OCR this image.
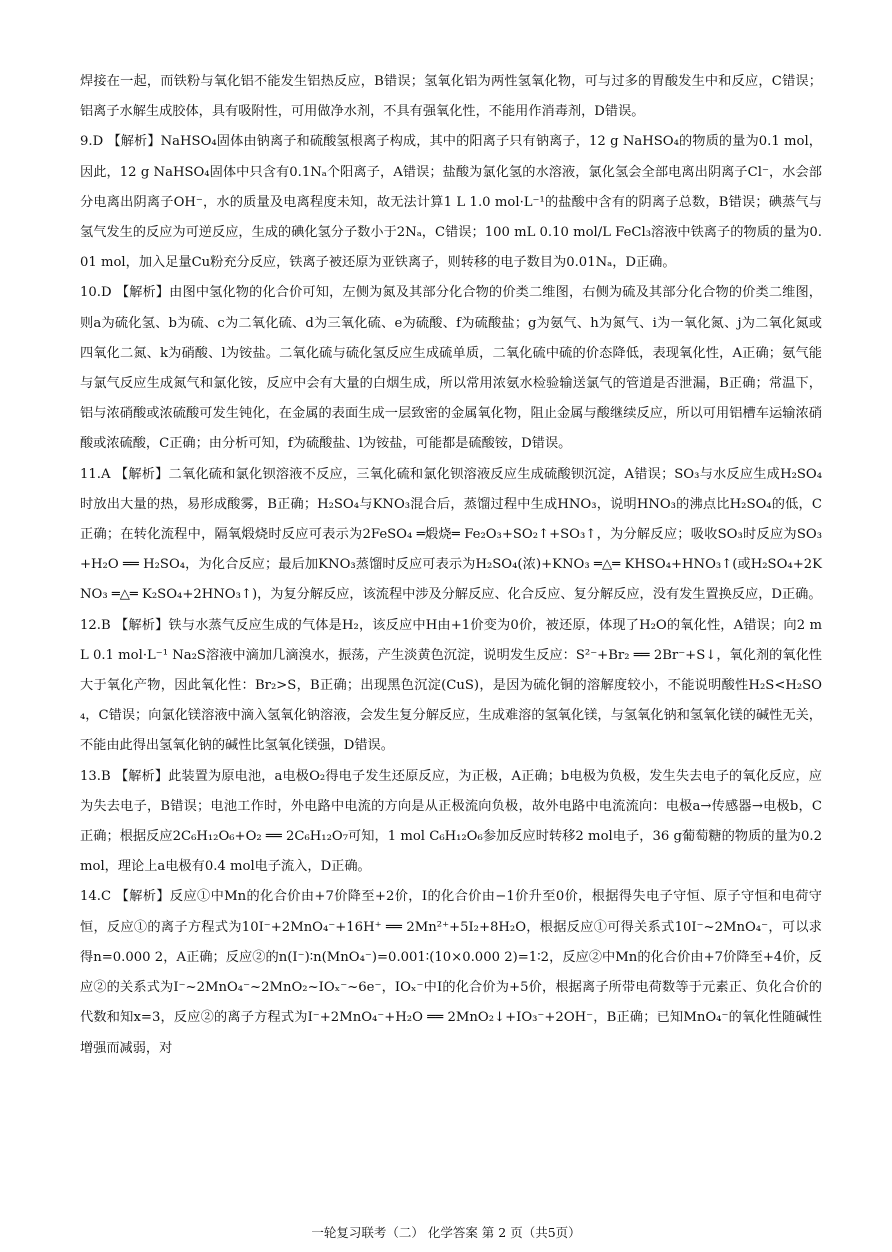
焊接在一起，而铁粉与氧化铝不能发生铝热反应，B错误；氢氧化铝为两性氢氧化物，可与过多的胃酸发生中和反应，C错误；铝离子水解生成胶体，具有吸附性，可用做净水剂，不具有强氧化性，不能用作消毒剂，D错误。

9.D 【解析】NaHSO₄固体由钠离子和硫酸氢根离子构成，其中的阳离子只有钠离子，12 g NaHSO₄的物质的量为0.1 mol，因此，12 g NaHSO₄固体中只含有0.1Nₐ个阳离子，A错误；盐酸为氯化氢的水溶液，氯化氢会全部电离出阴离子Cl⁻，水会部分电离出阴离子OH⁻，水的质量及电离程度未知，故无法计算1 L 1.0 mol·L⁻¹的盐酸中含有的阴离子总数，B错误；碘蒸气与氢气发生的反应为可逆反应，生成的碘化氢分子数小于2Nₐ，C错误；100 mL 0.10 mol/L FeCl₃溶液中铁离子的物质的量为0.01 mol，加入足量Cu粉充分反应，铁离子被还原为亚铁离子，则转移的电子数目为0.01Nₐ，D正确。

10.D 【解析】由图中氢化物的化合价可知，左侧为氮及其部分化合物的价类二维图，右侧为硫及其部分化合物的价类二维图，则a为硫化氢、b为硫、c为二氧化硫、d为三氧化硫、e为硫酸、f为硫酸盐；g为氨气、h为氮气、i为一氧化氮、j为二氧化氮或四氧化二氮、k为硝酸、l为铵盐。二氧化硫与硫化氢反应生成硫单质，二氧化硫中硫的价态降低，表现氧化性，A正确；氨气能与氯气反应生成氮气和氯化铵，反应中会有大量的白烟生成，所以常用浓氨水检验输送氯气的管道是否泄漏，B正确；常温下，铝与浓硝酸或浓硫酸可发生钝化，在金属的表面生成一层致密的金属氧化物，阻止金属与酸继续反应，所以可用铝槽车运输浓硝酸或浓硫酸，C正确；由分析可知，f为硫酸盐、l为铵盐，可能都是硫酸铵，D错误。

11.A 【解析】二氧化硫和氯化钡溶液不反应，三氧化硫和氯化钡溶液反应生成硫酸钡沉淀，A错误；SO₃与水反应生成H₂SO₄时放出大量的热，易形成酸雾，B正确；H₂SO₄与KNO₃混合后，蒸馏过程中生成HNO₃，说明HNO₃的沸点比H₂SO₄的低，C正确；在转化流程中，隔氧煅烧时反应可表示为2FeSO₄ ═煅烧═ Fe₂O₃+SO₂↑+SO₃↑，为分解反应；吸收SO₃时反应为SO₃+H₂O ══ H₂SO₄，为化合反应；最后加KNO₃蒸馏时反应可表示为H₂SO₄(浓)+KNO₃ ═△═ KHSO₄+HNO₃↑(或H₂SO₄+2KNO₃ ═△═ K₂SO₄+2HNO₃↑)，为复分解反应，该流程中涉及分解反应、化合反应、复分解反应，没有发生置换反应，D正确。

12.B 【解析】铁与水蒸气反应生成的气体是H₂，该反应中H由+1价变为0价，被还原，体现了H₂O的氧化性，A错误；向2 mL 0.1 mol·L⁻¹ Na₂S溶液中滴加几滴溴水，振荡，产生淡黄色沉淀，说明发生反应：S²⁻+Br₂ ══ 2Br⁻+S↓，氧化剂的氧化性大于氧化产物，因此氧化性：Br₂>S，B正确；出现黑色沉淀(CuS)，是因为硫化铜的溶解度较小，不能说明酸性H₂S<H₂SO₄，C错误；向氯化镁溶液中滴入氢氧化钠溶液，会发生复分解反应，生成难溶的氢氧化镁，与氢氧化钠和氢氧化镁的碱性无关，不能由此得出氢氧化钠的碱性比氢氧化镁强，D错误。

13.B 【解析】此装置为原电池，a电极O₂得电子发生还原反应，为正极，A正确；b电极为负极，发生失去电子的氧化反应，应为失去电子，B错误；电池工作时，外电路中电流的方向是从正极流向负极，故外电路中电流流向：电极a→传感器→电极b，C正确；根据反应2C₆H₁₂O₆+O₂ ══ 2C₆H₁₂O₇可知，1 mol C₆H₁₂O₆参加反应时转移2 mol电子，36 g葡萄糖的物质的量为0.2 mol，理论上a电极有0.4 mol电子流入，D正确。

14.C 【解析】反应①中Mn的化合价由+7价降至+2价，I的化合价由−1价升至0价，根据得失电子守恒、原子守恒和电荷守恒，反应①的离子方程式为10I⁻+2MnO₄⁻+16H⁺ ══ 2Mn²⁺+5I₂+8H₂O，根据反应①可得关系式10I⁻~2MnO₄⁻，可以求得n=0.000 2，A正确；反应②的n(I⁻)∶n(MnO₄⁻)=0.001∶(10×0.000 2)=1∶2，反应②中Mn的化合价由+7价降至+4价，反应②的关系式为I⁻~2MnO₄⁻~2MnO₂~IOₓ⁻~6e⁻，IOₓ⁻中I的化合价为+5价，根据离子所带电荷数等于元素正、负化合价的代数和知x=3，反应②的离子方程式为I⁻+2MnO₄⁻+H₂O ══ 2MnO₂↓+IO₃⁻+2OH⁻，B正确；已知MnO₄⁻的氧化性随碱性增强而减弱，对

一轮复习联考（二） 化学答案 第 2 页（共5页）
